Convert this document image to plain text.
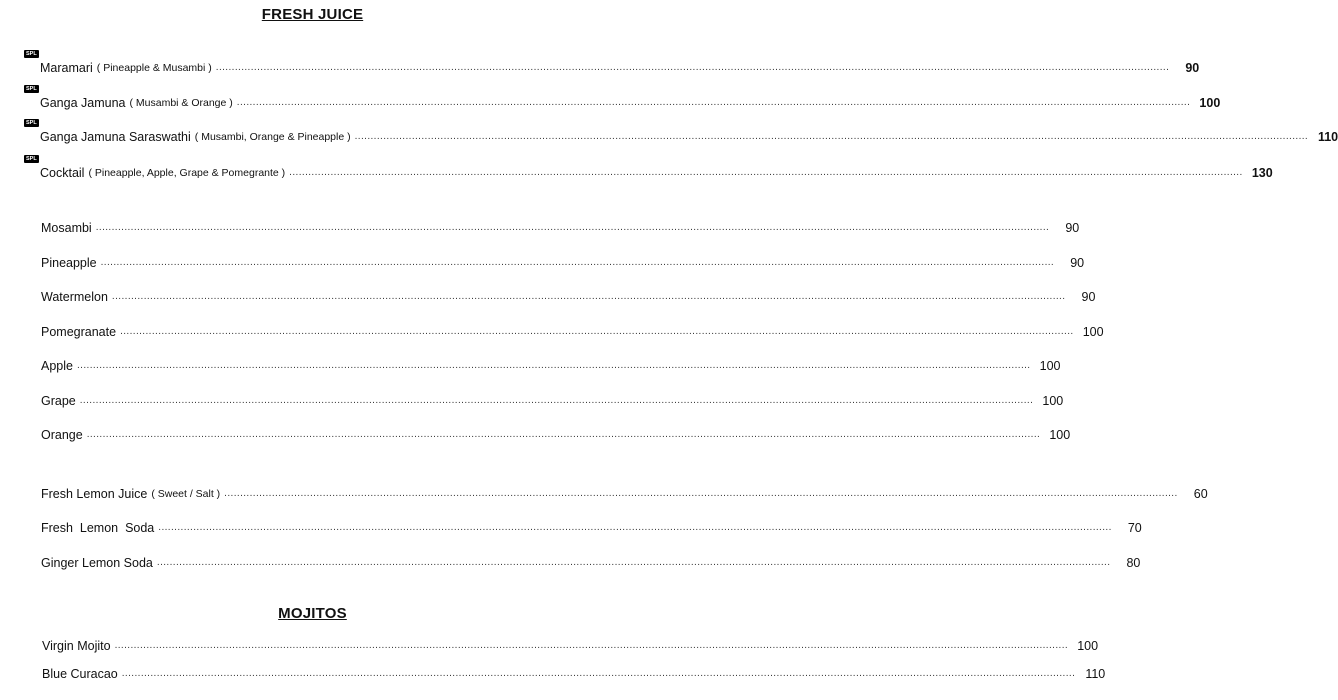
FRESH JUICE
SPL
Maramari ( Pineapple & Musambi ) ............................................................................................................................................................................................................................................................................................................	90
SPL
Ganga Jamuna ( Musambi & Orange ) ............................................................................................................................................................................................................................................................................................................ 100
SPL
Ganga Jamuna Saraswathi ( Musambi, Orange & Pineapple ) ............................................................................................................................................................................................................................................................................................................ 110
SPL
Cocktail ( Pineapple, Apple, Grape & Pomegrante ) ............................................................................................................................................................................................................................................................................................................ 130
Mosambi ............................................................................................................................................................................................................................................................................................................	90
Pineapple ............................................................................................................................................................................................................................................................................................................	90
Watermelon ............................................................................................................................................................................................................................................................................................................	90
Pomegranate ............................................................................................................................................................................................................................................................................................................ 100
Apple ............................................................................................................................................................................................................................................................................................................ 100
Grape ............................................................................................................................................................................................................................................................................................................ 100
Orange ............................................................................................................................................................................................................................................................................................................ 100
Fresh Lemon Juice ( Sweet / Salt ) ............................................................................................................................................................................................................................................................................................................	60
Fresh  Lemon  Soda ............................................................................................................................................................................................................................................................................................................	70
Ginger Lemon Soda ............................................................................................................................................................................................................................................................................................................	80
MOJITOS
Virgin Mojito ............................................................................................................................................................................................................................................................................................................ 100
Blue Curacao ............................................................................................................................................................................................................................................................................................................ 110
